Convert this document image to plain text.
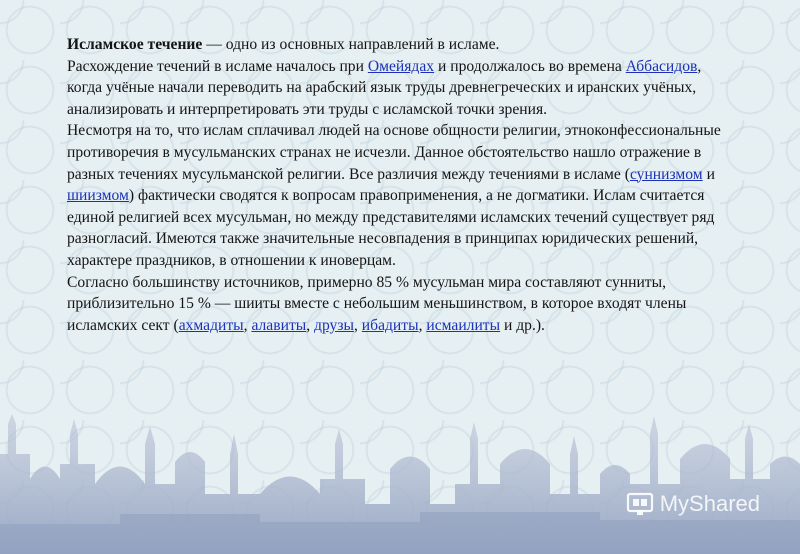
Исламское течение — одно из основных направлений в исламе.

Расхождение течений в исламе началось при Омейядах и продолжалось во времена Аббасидов, когда учёные начали переводить на арабский язык труды древнегреческих и иранских учёных, анализировать и интерпретировать эти труды с исламской точки зрения.

Несмотря на то, что ислам сплачивал людей на основе общности религии, этноконфессиональные противоречия в мусульманских странах не исчезли. Данное обстоятельство нашло отражение в разных течениях мусульманской религии. Все различия между течениями в исламе (суннизмом и шиизмом) фактически сводятся к вопросам правоприменения, а не догматики. Ислам считается единой религией всех мусульман, но между представителями исламских течений существует ряд разногласий. Имеются также значительные несовпадения в принципах юридических решений, характере праздников, в отношении к иноверцам.

Согласно большинству источников, примерно 85 % мусульман мира составляют сунниты, приблизительно 15 % — шииты вместе с небольшим меньшинством, в которое входят члены исламских сект (ахмадиты, алавиты, друзы, ибадиты, исмаилиты и др.).

MyShared
